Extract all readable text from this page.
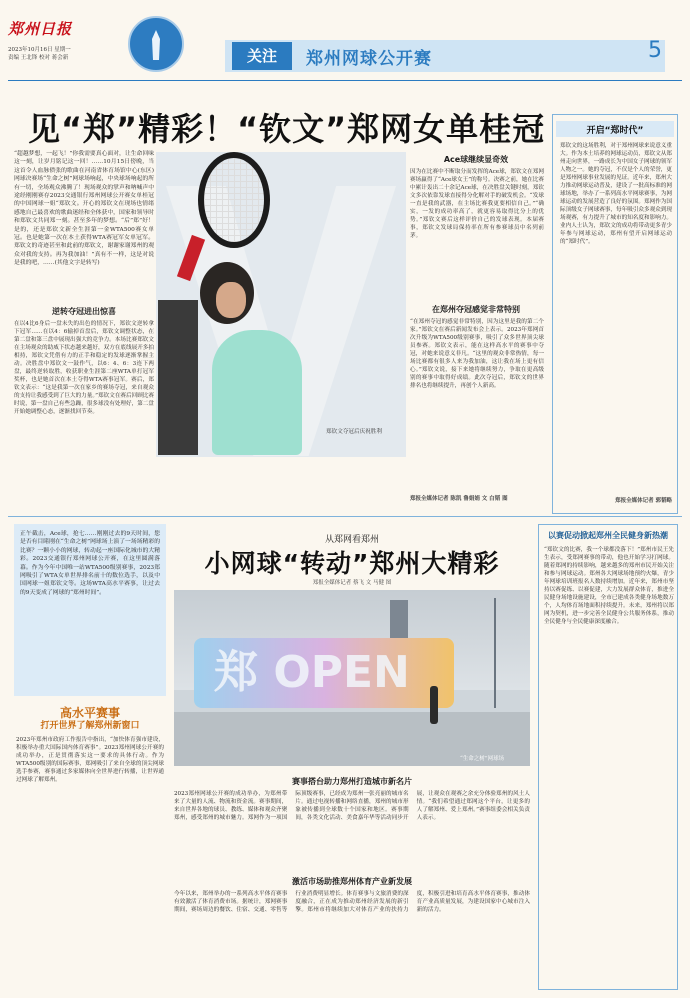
郑州日报
2023年10月16日 星期一
责编 王北锋 校对 蒋会新	关注	郑州网球公开赛	5
见“郑”精彩！“钦文”郑网女单桂冠
“超越梦想，一起飞！”你我需要真心面对，让生命回味这一刻，让岁月铭记这一回！……10月15日傍晚，当这首令人血脉偾张的歌曲在河南省体育场馆中心(东区)网球决赛场“生命之树”网球场响起，中央球场响起的所有一切，全场观众沸腾了！现场观众的掌声和呐喊声中途经刚刚赛存2023交通银行郑州网球公开赛女单桂冠的中国网球一姐“郑钦文。开心的郑钦文在现场也情绪感地自己最喜欢的歌曲迷经和全体获中，国家和领导时和郑钦文共同郑一刻。甚至多年的梦想。“后”郑”好！是的，还是郑钦文新全生涯第一金WTA500赛女单冠。也是她第一次在本土获得WTA赛冠军女单冠军。郑钦文的奇迹甚至和此前的郑钦文，谢谢家谢郑州的观众对我的支持。再为我加油！”真有不一样，这是对说是我的吧，……(其他文字是转写)
逆转夺冠进出惊喜
在以4比6身后一盘未失的出色的情况下，郑钦文逆转拿下冠军……在以4：6输掉首盘后，郑钦文调整状态，在第二盘和第三盘中展现出强大的竞争力。本场比赛郑钦文在主场观众的助威下状态越来越好，双方在底线展开多拍相持，郑钦文凭借有力的正手和稳定的发球逐渐掌握主动。决胜盘中郑钦文一鼓作气，以6：4、6：3连下两盘，最终逆转取胜，收获职业生涯第二座WTA单打冠军奖杯，也是她首次在本土夺得WTA赛事冠军。赛后，郑钦文表示：“这是我第一次在家乡的赛场夺冠，来自观众的支持让我感受到了巨大的力量。”郑钦文在赛后回顾比赛时说，第一盘自己有些急躁，很多球没有处理好，第二盘开始她调整心态，逐渐找回节奏。
郑钦文夺冠后庆祝胜利
Ace球继续显奇效
因为在比赛中不断取分而发挥的Ace球，郑钦文在郑网赛场赢得了“Ace球女王”的称号。决赛之前，她在比赛中累计轰出二十余记Ace球，在决胜盘关键时刻，郑钦文多次依靠发球直接得分化解对手的破发机会。“发球一直是我的武器，在主场比赛我更要相信自己。”“确实，一发的成功率高了，就更容易取得比分上的优势。”郑钦文赛后这样评价自己的发球表现。本届赛事，郑钦文发球局保持率在所有参赛球员中名列前茅。
在郑州夺冠感觉非常特别
“在郑州夺冠的感觉非常特别，因为这里是我的第二个家。”郑钦文在赛后新闻发布会上表示。2023年郑网首次升级为WTA500级别赛事，吸引了众多世界顶尖球员参赛。郑钦文表示，能在这样高水平的赛事中夺冠，对她来说意义非凡。“这里的观众非常热情，每一场比赛都有很多人来为我加油，这让我在场上更有信心。”郑钦文说，接下来她将继续努力，争取在更高级别的赛事中取得好成绩。此次夺冠后，郑钦文的世界排名也将继续提升，再创个人新高。
郑报全媒体记者 陈凯 鲁娟娟 文 白韬 图
开启“郑时代”
郑钦文的这场胜利，对于郑州网球来说意义重大。作为本土培养的网球运动员，郑钦文从郑州走向世界，一路成长为中国女子网球的领军人物之一。她的夺冠，不仅是个人的荣誉，更是郑州网球事业发展的见证。近年来，郑州大力推动网球运动普及，建设了一批高标准的网球场地，举办了一系列高水平网球赛事，为网球运动的发展营造了良好的氛围。郑网作为国际顶级女子网球赛事，每年吸引众多观众到现场观赛，有力提升了城市的知名度和影响力。业内人士认为，郑钦文的成功将带动更多青少年参与网球运动，郑州有望开启网球运动的“郑时代”。
郑报全媒体记者 郭韬略
正午截击，Ace球，抢七……刚刚过去的9天时间，您是否有目睹刚在“生命之树”网球场上演了一场场精彩的比赛？一颗小小的网球，转动起一座国际化城市的大精彩。2023交通银行郑州网球公开赛，在这里圆满落幕。作为今年中国唯一站WTA500级别赛事，2023郑网吸引了WTA女单世界排名前十的数位选手，以及中国网球一姐郑钦文等。这场WTA高水平赛事，让过去的9天变成了网球的“郑州时间”。
高水平赛事
打开世界了解郑州新窗口
2023年郑州市政府工作报告中指出，“加快体育强市建设，积极举办重大国际国内体育赛事”。2023郑州网球公开赛的成功举办，正是贯彻落实这一要求的具体行动。作为WTA500级别的国际赛事，郑网吸引了来自全球的顶尖网球选手参赛，赛事通过多家媒体向全世界进行转播，让世界通过网球了解郑州。
从郑网看郑州
小网球“转动”郑州大精彩
郑报全媒体记者 蔡飞 文 马健 图
郑 OPEN
“生命之树”网球场
赛事搭台助力郑州打造城市新名片
2023郑州网球公开赛的成功举办，为郑州带来了大量的人流、物流和资金流。赛事期间，来自世界各地的球员、教练、媒体和观众齐聚郑州，感受郑州的城市魅力。郑网作为一项国际顶级赛事，已经成为郑州一张亮丽的城市名片。通过电视转播和网络直播，郑州的城市形象被传播到全球数十个国家和地区。赛事期间，各类文化活动、美食嘉年华等活动同步开展，让观众在观赛之余充分体验郑州的风土人情。“我们希望通过郑网这个平台，让更多的人了解郑州、爱上郑州。”赛事组委会相关负责人表示。
激活市场助推郑州体育产业新发展
今年以来，郑州举办的一系列高水平体育赛事有效激活了体育消费市场。据统计，郑网赛事期间，赛场周边的餐饮、住宿、交通、零售等行业消费明显增长。体育赛事与文旅消费的深度融合，正在成为推动郑州经济发展的新引擎。郑州市将继续加大对体育产业的扶持力度，积极引进和培育高水平体育赛事，推动体育产业高质量发展，为建设国家中心城市注入新的活力。
以赛促动掀起郑州全民健身新热潮
“郑钦文的比赛，我一个球都没落下！”郑州市民王先生表示，受郑网赛事的带动，他也开始学习打网球。随着郑网的持续影响，越来越多的郑州市民开始关注和参与网球运动。郑州各大网球场地预约火爆，青少年网球培训班报名人数持续增加。近年来，郑州市坚持以赛促练、以赛促建，大力发展群众体育，推进全民健身场地设施建设，全市已建成各类健身场地数万个，人均体育场地面积持续提升。未来，郑州将以郑网为契机，进一步完善全民健身公共服务体系，推动全民健身与全民健康深度融合。
